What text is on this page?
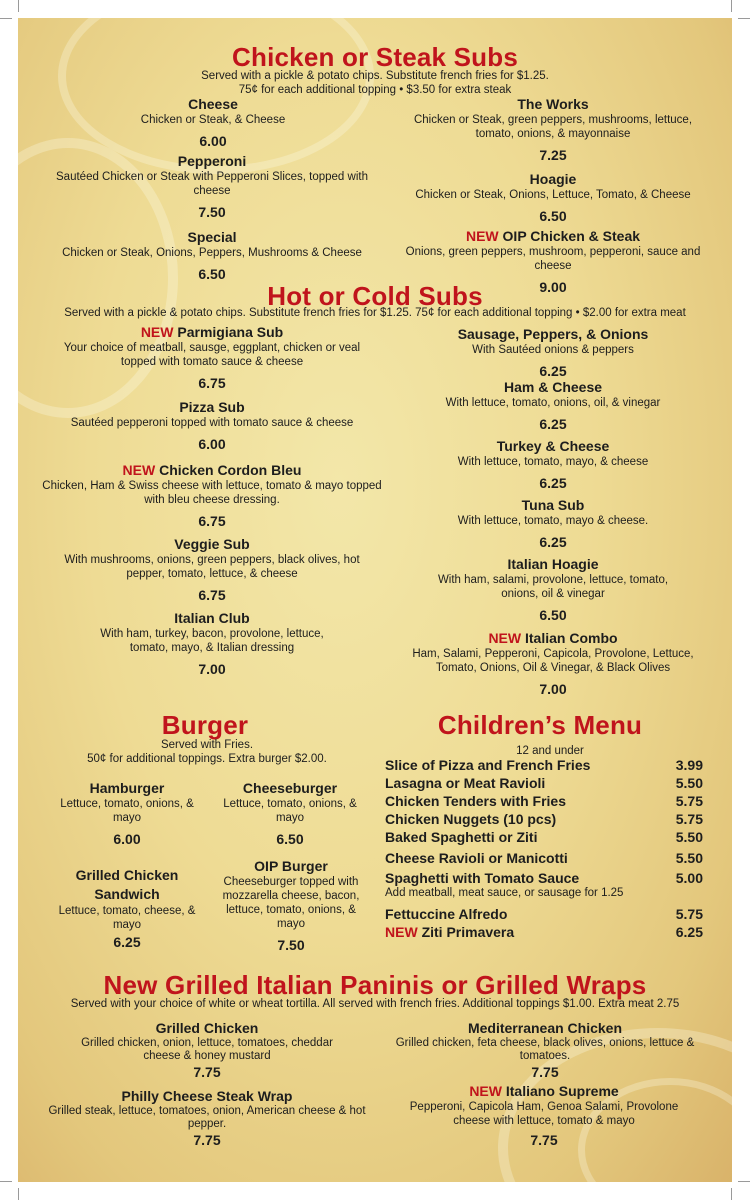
Chicken or Steak Subs
Served with a pickle & potato chips. Substitute french fries for $1.25.
75¢ for each additional topping • $3.50 for extra steak
Cheese
Chicken or Steak, & Cheese
6.00
Pepperoni
Sautéed Chicken or Steak with Pepperoni Slices, topped with cheese
7.50
Special
Chicken or Steak, Onions, Peppers, Mushrooms & Cheese
6.50
The Works
Chicken or Steak, green peppers, mushrooms, lettuce, tomato, onions, & mayonnaise
7.25
Hoagie
Chicken or Steak, Onions, Lettuce, Tomato, & Cheese
6.50
NEW OIP Chicken & Steak
Onions, green peppers, mushroom, pepperoni, sauce and cheese
9.00
Hot or Cold Subs
Served with a pickle & potato chips. Substitute french fries for $1.25. 75¢ for each additional topping • $2.00 for extra meat
NEW Parmigiana Sub
Your choice of meatball, sausge, eggplant, chicken or veal topped with tomato sauce & cheese
6.75
Pizza Sub
Sautéed pepperoni topped with tomato sauce & cheese
6.00
NEW Chicken Cordon Bleu
Chicken, Ham & Swiss cheese with lettuce, tomato & mayo topped with bleu cheese dressing.
6.75
Veggie Sub
With mushrooms, onions, green peppers, black olives, hot pepper, tomato, lettuce, & cheese
6.75
Italian Club
With ham, turkey, bacon, provolone, lettuce, tomato, mayo, & Italian dressing
7.00
Sausage, Peppers, & Onions
With Sautéed onions & peppers
6.25
Ham & Cheese
With lettuce, tomato, onions, oil, & vinegar
6.25
Turkey & Cheese
With lettuce, tomato, mayo, & cheese
6.25
Tuna Sub
With lettuce, tomato, mayo & cheese.
6.25
Italian Hoagie
With ham, salami, provolone, lettuce, tomato, onions, oil & vinegar
6.50
NEW Italian Combo
Ham, Salami, Pepperoni, Capicola, Provolone, Lettuce, Tomato, Onions, Oil & Vinegar, & Black Olives
7.00
Burger
Served with Fries.
50¢ for additional toppings. Extra burger $2.00.
Hamburger
Lettuce, tomato, onions, & mayo
6.00
Cheeseburger
Lettuce, tomato, onions, & mayo
6.50
Grilled Chicken Sandwich
Lettuce, tomato, cheese, & mayo
6.25
OIP Burger
Cheeseburger topped with mozzarella cheese, bacon, lettuce, tomato, onions, & mayo
7.50
Children’s Menu
12 and under
Slice of Pizza and French Fries	3.99
Lasagna or Meat Ravioli	5.50
Chicken Tenders with Fries	5.75
Chicken Nuggets (10 pcs)	5.75
Baked Spaghetti or Ziti	5.50
Cheese Ravioli or Manicotti	5.50
Spaghetti with Tomato Sauce	5.00
Add meatball, meat sauce, or sausage for 1.25
Fettuccine Alfredo	5.75
NEW Ziti Primavera	6.25
New Grilled Italian Paninis or Grilled Wraps
Served with your choice of white or wheat tortilla. All served with french fries. Additional toppings $1.00. Extra meat 2.75
Grilled Chicken
Grilled chicken, onion, lettuce, tomatoes, cheddar cheese & honey mustard
7.75
Philly Cheese Steak Wrap
Grilled steak, lettuce, tomatoes, onion, American cheese & hot pepper.
7.75
Mediterranean Chicken
Grilled chicken, feta cheese, black olives, onions, lettuce & tomatoes.
7.75
NEW Italiano Supreme
Pepperoni, Capicola Ham, Genoa Salami, Provolone cheese with lettuce, tomato & mayo
7.75
